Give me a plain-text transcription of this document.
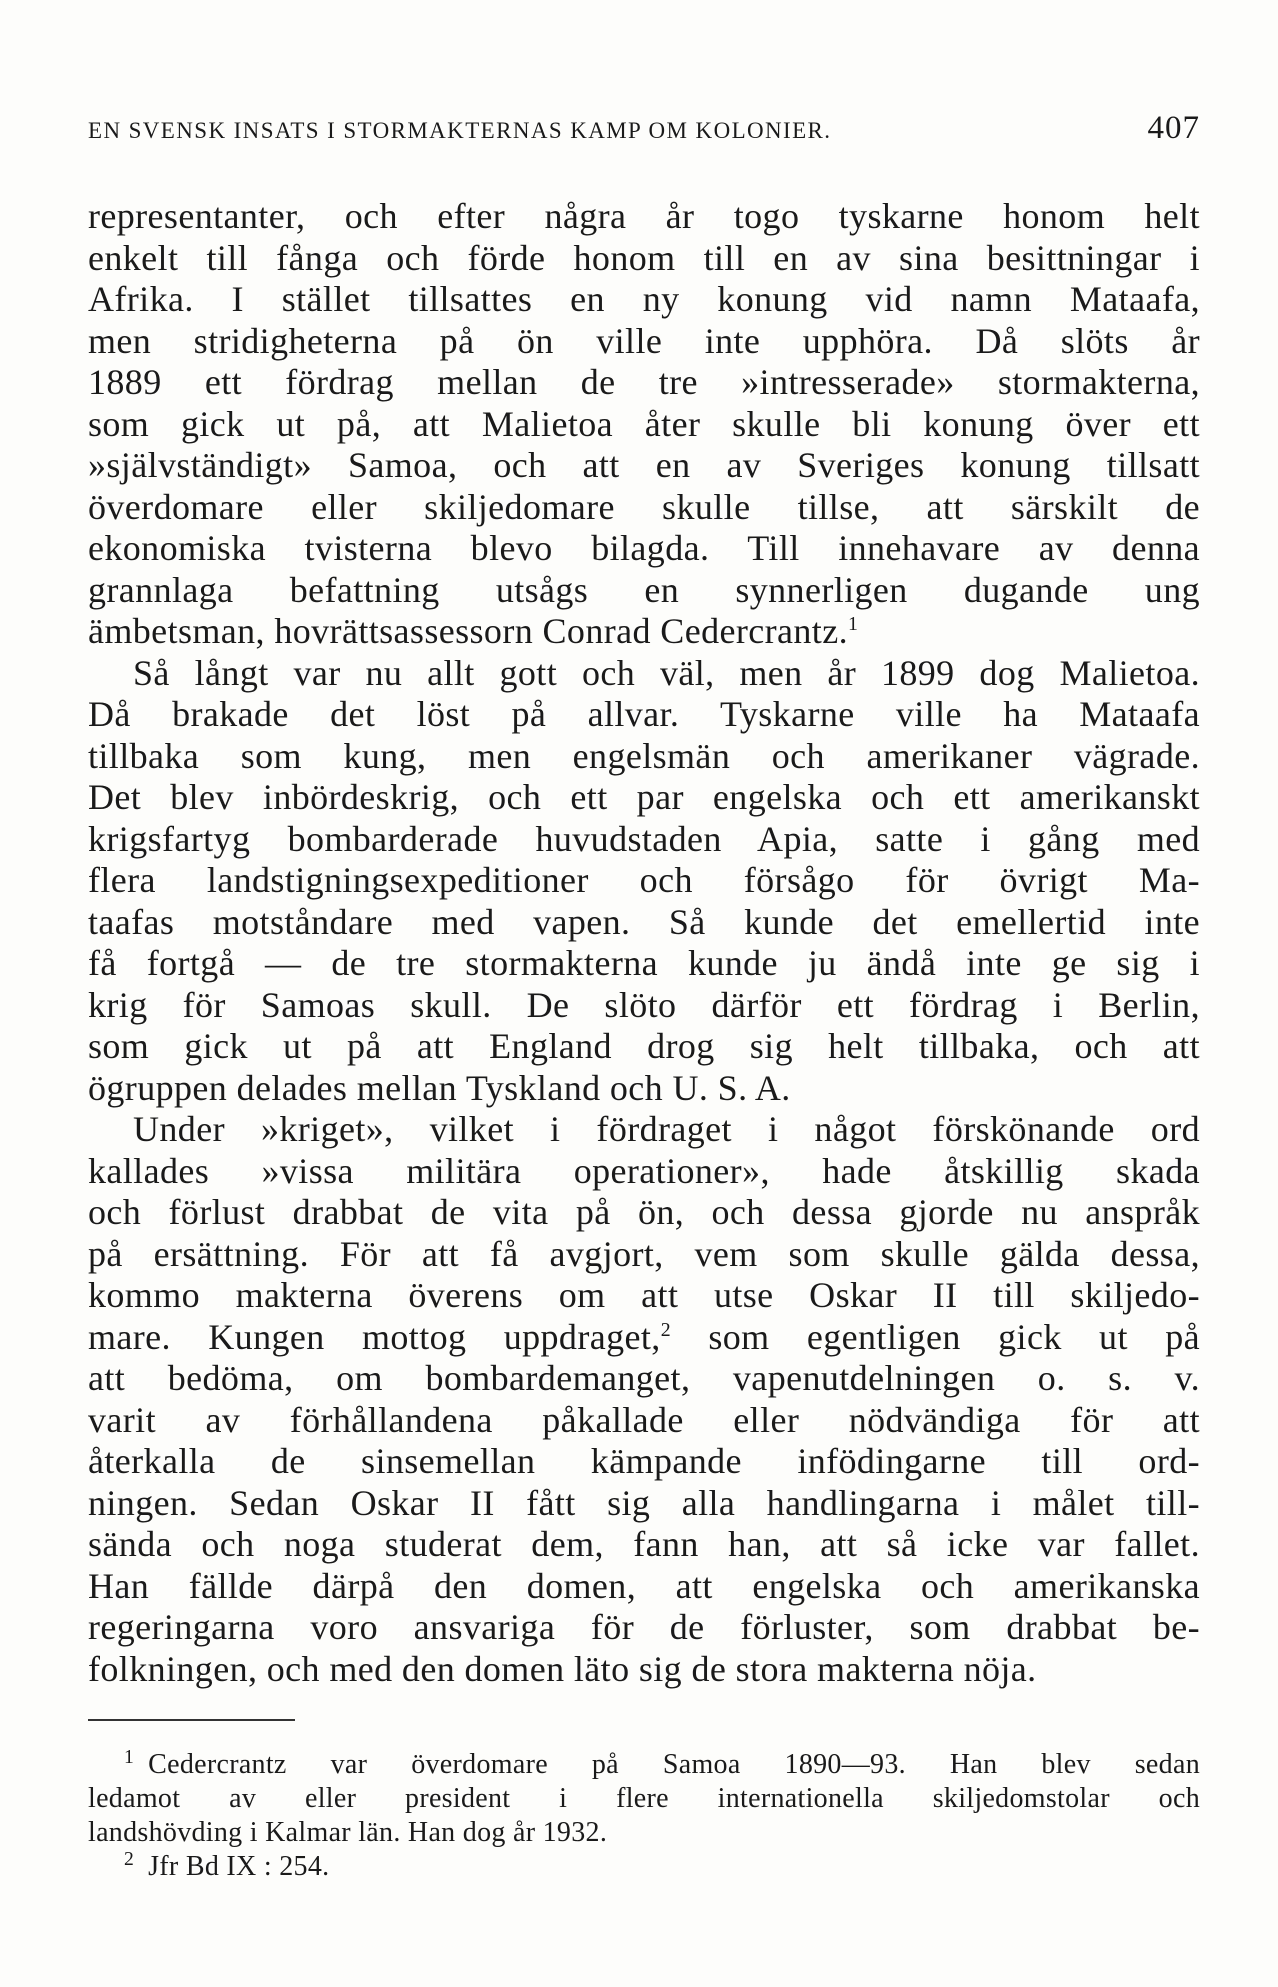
EN SVENSK INSATS I STORMAKTERNAS KAMP OM KOLONIER.	407

representanter, och efter några år togo tyskarne honom helt
enkelt till fånga och förde honom till en av sina besittningar i
Afrika. I stället tillsattes en ny konung vid namn Mataafa,
men stridigheterna på ön ville inte upphöra. Då slöts år
1889 ett fördrag mellan de tre »intresserade» stormakterna,
som gick ut på, att Malietoa åter skulle bli konung över ett
»självständigt» Samoa, och att en av Sveriges konung tillsatt
överdomare eller skiljedomare skulle tillse, att särskilt de
ekonomiska tvisterna blevo bilagda. Till innehavare av denna
grannlaga befattning utsågs en synnerligen dugande ung
ämbetsman, hovrättsassessorn Conrad Cedercrantz.$^1$

Så långt var nu allt gott och väl, men år 1899 dog Malietoa.
Då brakade det löst på allvar. Tyskarne ville ha Mataafa
tillbaka som kung, men engelsmän och amerikaner vägrade.
Det blev inbördeskrig, och ett par engelska och ett amerikanskt
krigsfartyg bombarderade huvudstaden Apia, satte i gång med
flera landstigningsexpeditioner och försågo för övrigt Ma-
taafas motståndare med vapen. Så kunde det emellertid inte
få fortgå — de tre stormakterna kunde ju ändå inte ge sig i
krig för Samoas skull. De slöto därför ett fördrag i Berlin,
som gick ut på att England drog sig helt tillbaka, och att
ögruppen delades mellan Tyskland och U. S. A.

Under »kriget», vilket i fördraget i något förskönande ord
kallades »vissa militära operationer», hade åtskillig skada
och förlust drabbat de vita på ön, och dessa gjorde nu anspråk
på ersättning. För att få avgjort, vem som skulle gälda dessa,
kommo makterna överens om att utse Oskar II till skiljedo-
mare. Kungen mottog uppdraget,$^2$ som egentligen gick ut på
att bedöma, om bombardemanget, vapenutdelningen o. s. v.
varit av förhållandena påkallade eller nödvändiga för att
återkalla de sinsemellan kämpande infödingarne till ord-
ningen. Sedan Oskar II fått sig alla handlingarna i målet till-
sända och noga studerat dem, fann han, att så icke var fallet.
Han fällde därpå den domen, att engelska och amerikanska
regeringarna voro ansvariga för de förluster, som drabbat be-
folkningen, och med den domen läto sig de stora makterna nöja.

$^1$ Cedercrantz var överdomare på Samoa 1890—93. Han blev sedan
ledamot av eller president i flere internationella skiljedomstolar och
landshövding i Kalmar län. Han dog år 1932.
$^2$ Jfr Bd IX : 254.
